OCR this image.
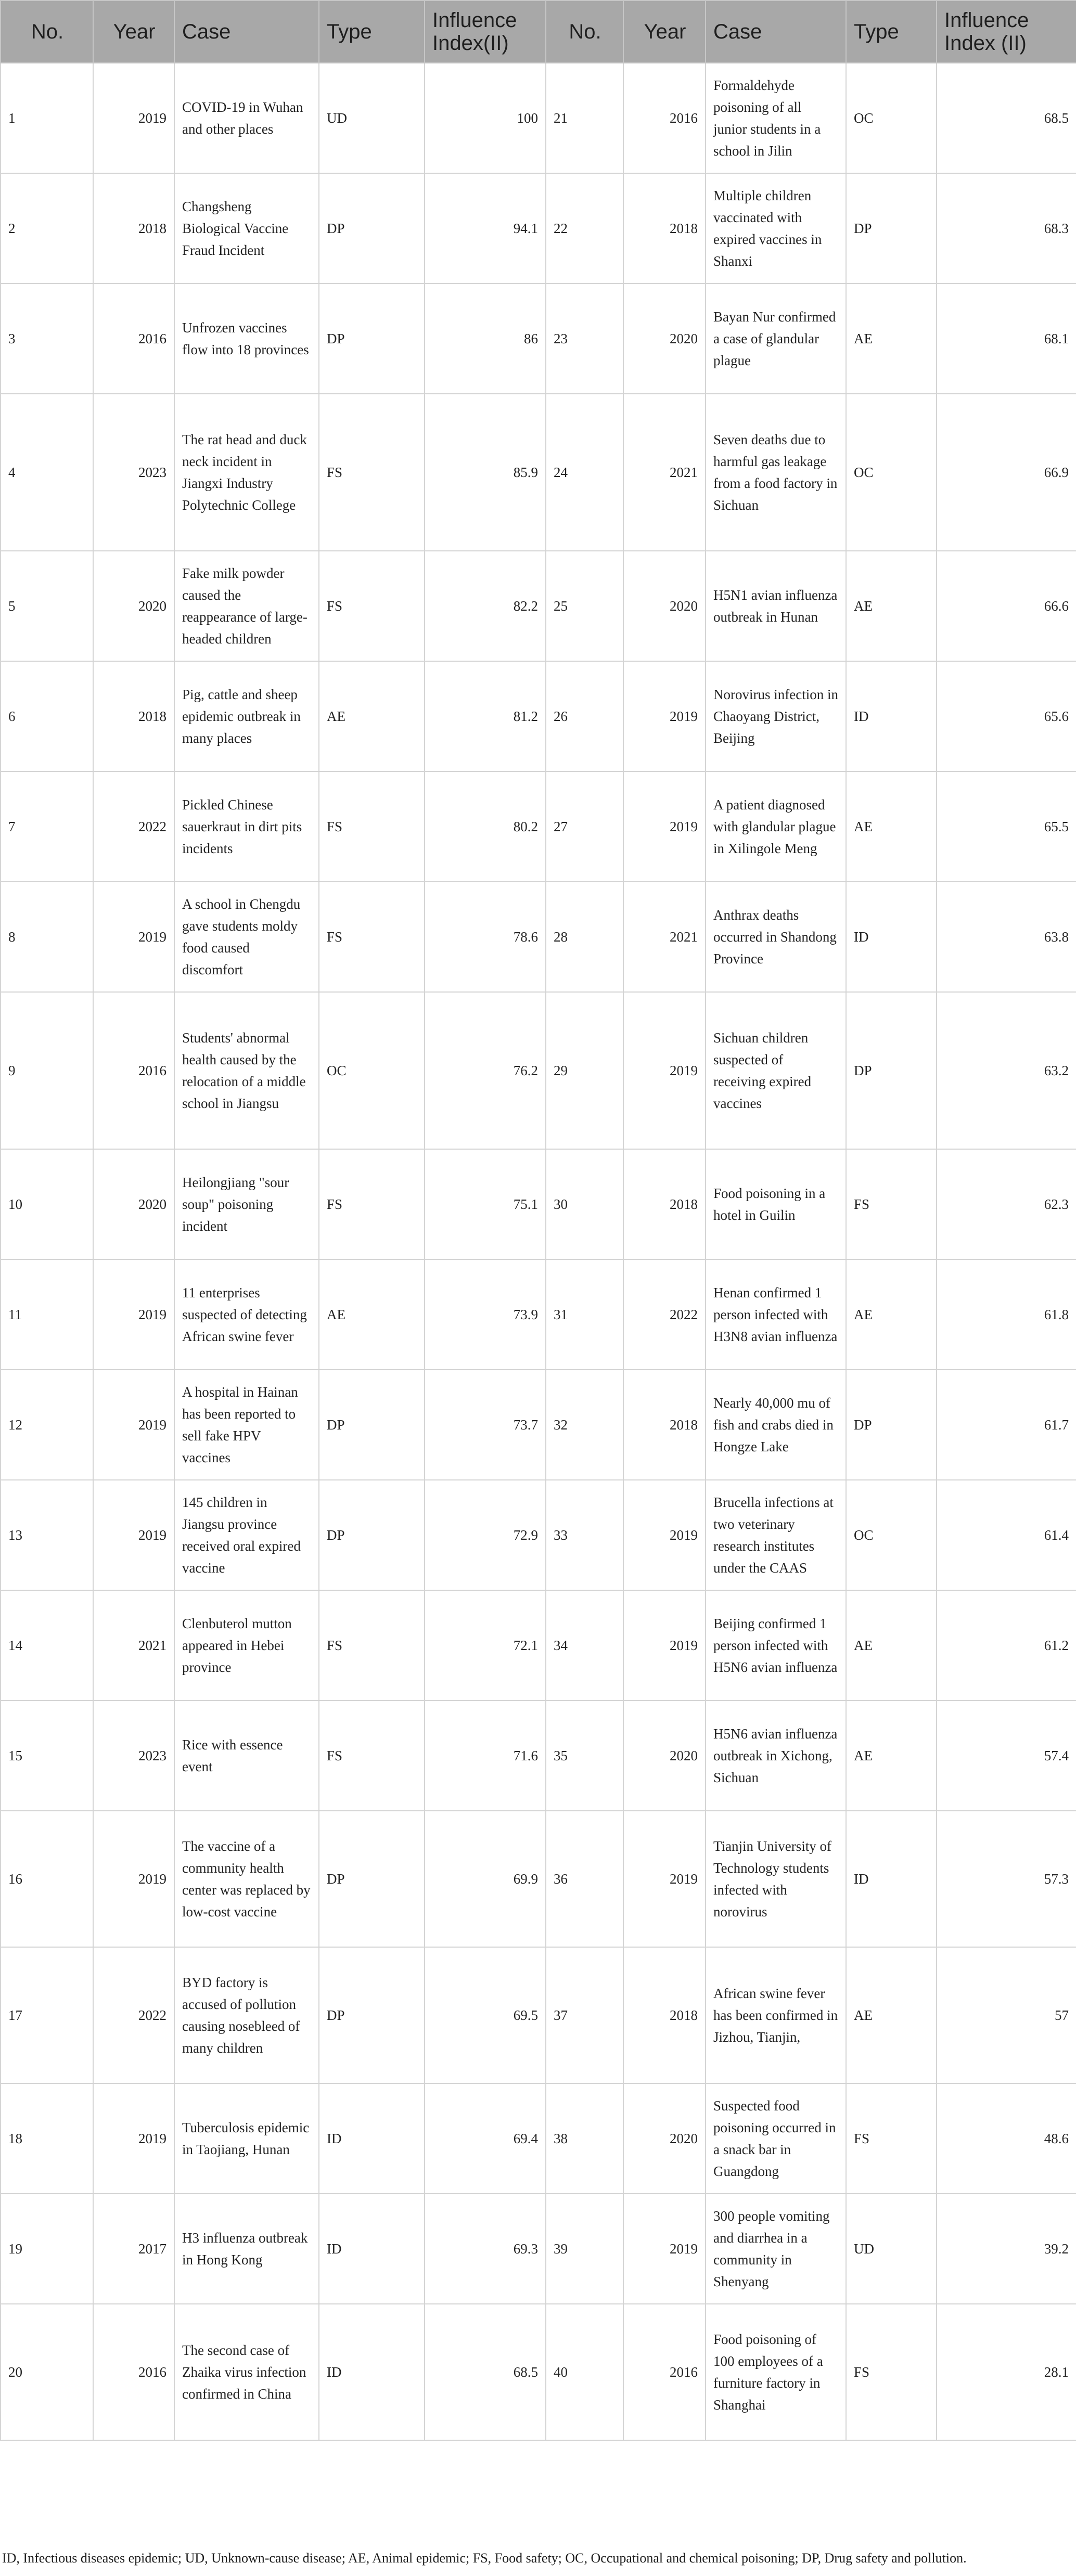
No.	Year	Case	Type	Influence Index(II)	No.	Year	Case	Type	Influence Index (II)
1	2019	COVID-19 in Wuhan and other places	UD	100	21	2016	Formaldehyde poisoning of all junior students in a school in Jilin	OC	68.5
2	2018	Changsheng Biological Vaccine Fraud Incident	DP	94.1	22	2018	Multiple children vaccinated with expired vaccines in Shanxi	DP	68.3
3	2016	Unfrozen vaccines flow into 18 provinces	DP	86	23	2020	Bayan Nur confirmed a case of glandular plague	AE	68.1
4	2023	The rat head and duck neck incident in Jiangxi Industry Polytechnic College	FS	85.9	24	2021	Seven deaths due to harmful gas leakage from a food factory in Sichuan	OC	66.9
5	2020	Fake milk powder caused the reappearance of large-headed children	FS	82.2	25	2020	H5N1 avian influenza outbreak in Hunan	AE	66.6
6	2018	Pig, cattle and sheep epidemic outbreak in many places	AE	81.2	26	2019	Norovirus infection in Chaoyang District, Beijing	ID	65.6
7	2022	Pickled Chinese sauerkraut in dirt pits incidents	FS	80.2	27	2019	A patient diagnosed with glandular plague in Xilingole Meng	AE	65.5
8	2019	A school in Chengdu gave students moldy food caused discomfort	FS	78.6	28	2021	Anthrax deaths occurred in Shandong Province	ID	63.8
9	2016	Students' abnormal health caused by the relocation of a middle school in Jiangsu	OC	76.2	29	2019	Sichuan children suspected of receiving expired vaccines	DP	63.2
10	2020	Heilongjiang "sour soup" poisoning incident	FS	75.1	30	2018	Food poisoning in a hotel in Guilin	FS	62.3
11	2019	11 enterprises suspected of detecting African swine fever	AE	73.9	31	2022	Henan confirmed 1 person infected with H3N8 avian influenza	AE	61.8
12	2019	A hospital in Hainan has been reported to sell fake HPV vaccines	DP	73.7	32	2018	Nearly 40,000 mu of fish and crabs died in Hongze Lake	DP	61.7
13	2019	145 children in Jiangsu province received oral expired vaccine	DP	72.9	33	2019	Brucella infections at two veterinary research institutes under the CAAS	OC	61.4
14	2021	Clenbuterol mutton appeared in Hebei province	FS	72.1	34	2019	Beijing confirmed 1 person infected with H5N6 avian influenza	AE	61.2
15	2023	Rice with essence event	FS	71.6	35	2020	H5N6 avian influenza outbreak in Xichong, Sichuan	AE	57.4
16	2019	The vaccine of a community health center was replaced by low-cost vaccine	DP	69.9	36	2019	Tianjin University of Technology students infected with norovirus	ID	57.3
17	2022	BYD factory is accused of pollution causing nosebleed of many children	DP	69.5	37	2018	African swine fever has been confirmed in Jizhou, Tianjin,	AE	57
18	2019	Tuberculosis epidemic in Taojiang, Hunan	ID	69.4	38	2020	Suspected food poisoning occurred in a snack bar in Guangdong	FS	48.6
19	2017	H3 influenza outbreak in Hong Kong	ID	69.3	39	2019	300 people vomiting and diarrhea in a community in Shenyang	UD	39.2
20	2016	The second case of Zhaika virus infection confirmed in China	ID	68.5	40	2016	Food poisoning of 100 employees of a furniture factory in Shanghai	FS	28.1
ID, Infectious diseases epidemic; UD, Unknown-cause disease; AE, Animal epidemic; FS, Food safety; OC, Occupational and chemical poisoning; DP, Drug safety and pollution.
